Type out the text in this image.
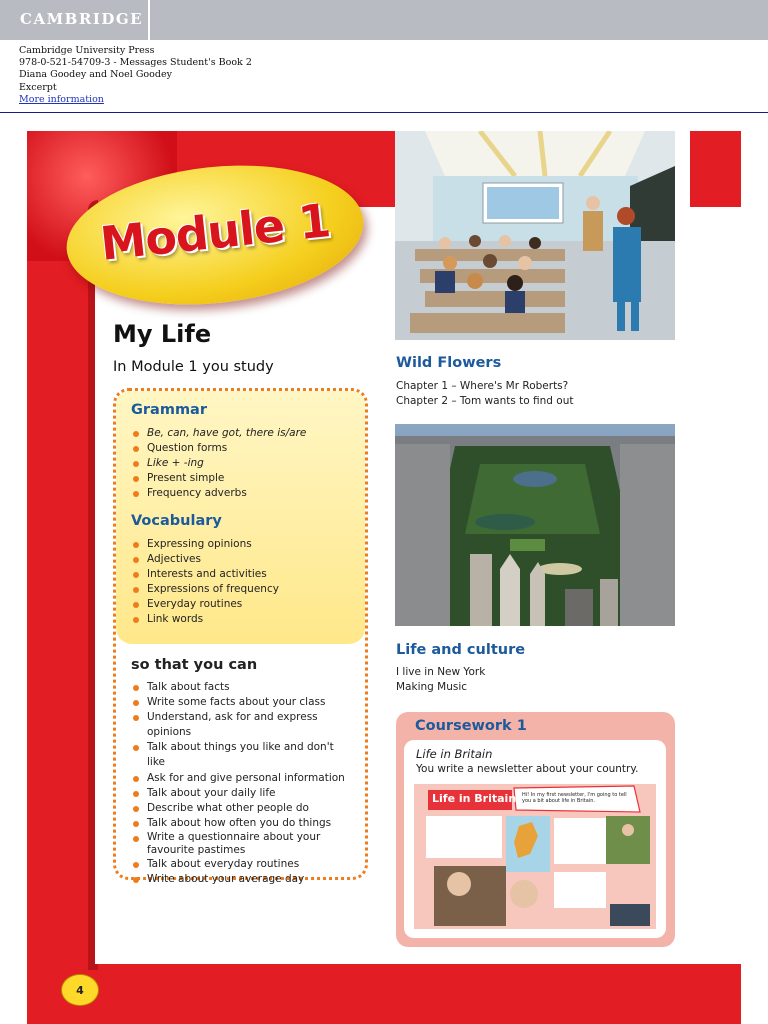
CAMBRIDGE
Cambridge University Press
978-0-521-54709-3 - Messages Student's Book 2
Diana Goodey and Noel Goodey
Excerpt
More information
Module 1
My Life
In Module 1 you study
Grammar
Be, can, have got, there is/are
Question forms
Like + -ing
Present simple
Frequency adverbs
Vocabulary
Expressing opinions
Adjectives
Interests and activities
Expressions of frequency
Everyday routines
Link words
so that you can
Talk about facts
Write some facts about your class
Understand, ask for and express opinions
Talk about things you like and don't like
Ask for and give personal information
Talk about your daily life
Describe what other people do
Talk about how often you do things
Write a questionnaire about your favourite pastimes
Talk about everyday routines
Write about your average day
Wild Flowers
Chapter 1 – Where's Mr Roberts?
Chapter 2 – Tom wants to find out
Life and culture
I live in New York
Making Music
Coursework 1
Life in Britain
You write a newsletter about your country.
Life in Britain Hi! In my first newsletter, I'm going to tell you a bit about life in Britain.
4
